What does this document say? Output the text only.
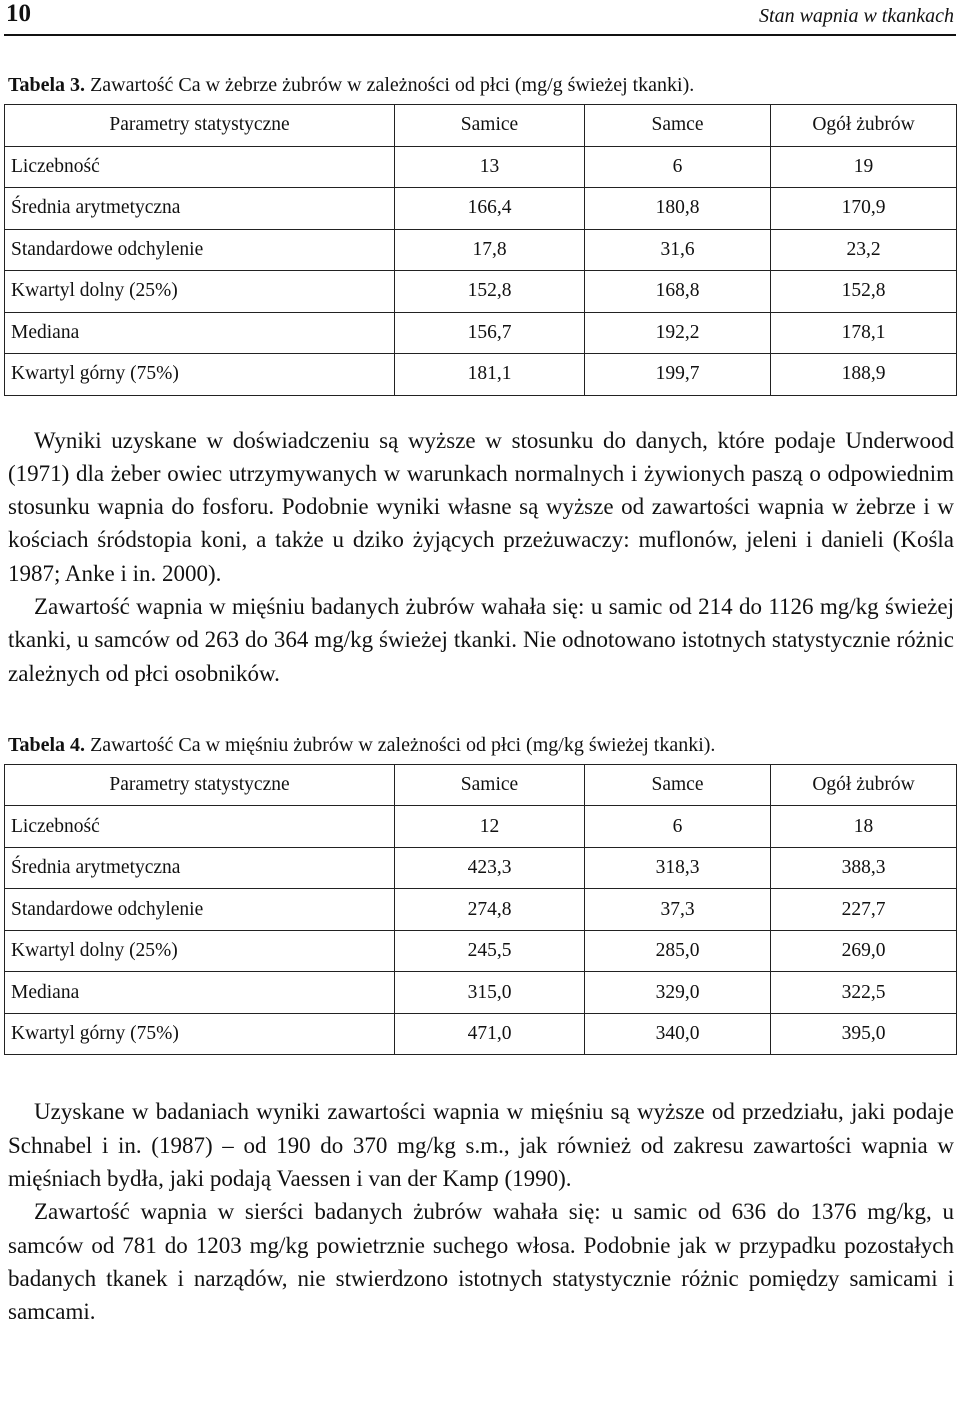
10	Stan wapnia w tkankach
Tabela 3. Zawartość Ca w żebrze żubrów w zależności od płci (mg/g świeżej tkanki).
Parametry statystyczne	Samice	Samce	Ogół żubrów
Liczebność	13	6	19
Średnia arytmetyczna	166,4	180,8	170,9
Standardowe odchylenie	17,8	31,6	23,2
Kwartyl dolny (25%)	152,8	168,8	152,8
Mediana	156,7	192,2	178,1
Kwartyl górny (75%)	181,1	199,7	188,9

Wyniki uzyskane w doświadczeniu są wyższe w stosunku do danych, które podaje Underwood (1971) dla żeber owiec utrzymywanych w warunkach normalnych i żywionych paszą o odpowiednim stosunku wapnia do fosforu. Podobnie wyniki własne są wyższe od zawartości wapnia w żebrze i w kościach śródstopia koni, a także u dziko żyjących przeżuwaczy: muflonów, jeleni i danieli (Kośla 1987; Anke i in. 2000).

Zawartość wapnia w mięśniu badanych żubrów wahała się: u samic od 214 do 1126 mg/kg świeżej tkanki, u samców od 263 do 364 mg/kg świeżej tkanki. Nie odnotowano istotnych statystycznie różnic zależnych od płci osobników.

Tabela 4. Zawartość Ca w mięśniu żubrów w zależności od płci (mg/kg świeżej tkanki).
Parametry statystyczne	Samice	Samce	Ogół żubrów
Liczebność	12	6	18
Średnia arytmetyczna	423,3	318,3	388,3
Standardowe odchylenie	274,8	37,3	227,7
Kwartyl dolny (25%)	245,5	285,0	269,0
Mediana	315,0	329,0	322,5
Kwartyl górny (75%)	471,0	340,0	395,0

Uzyskane w badaniach wyniki zawartości wapnia w mięśniu są wyższe od przedziału, jaki podaje Schnabel i in. (1987) – od 190 do 370 mg/kg s.m., jak również od zakresu zawartości wapnia w mięśniach bydła, jaki podają Vaessen i van der Kamp (1990).

Zawartość wapnia w sierści badanych żubrów wahała się: u samic od 636 do 1376 mg/kg, u samców od 781 do 1203 mg/kg powietrznie suchego włosa. Podobnie jak w przypadku pozostałych badanych tkanek i narządów, nie stwierdzono istotnych statystycznie różnic pomiędzy samicami i samcami.
